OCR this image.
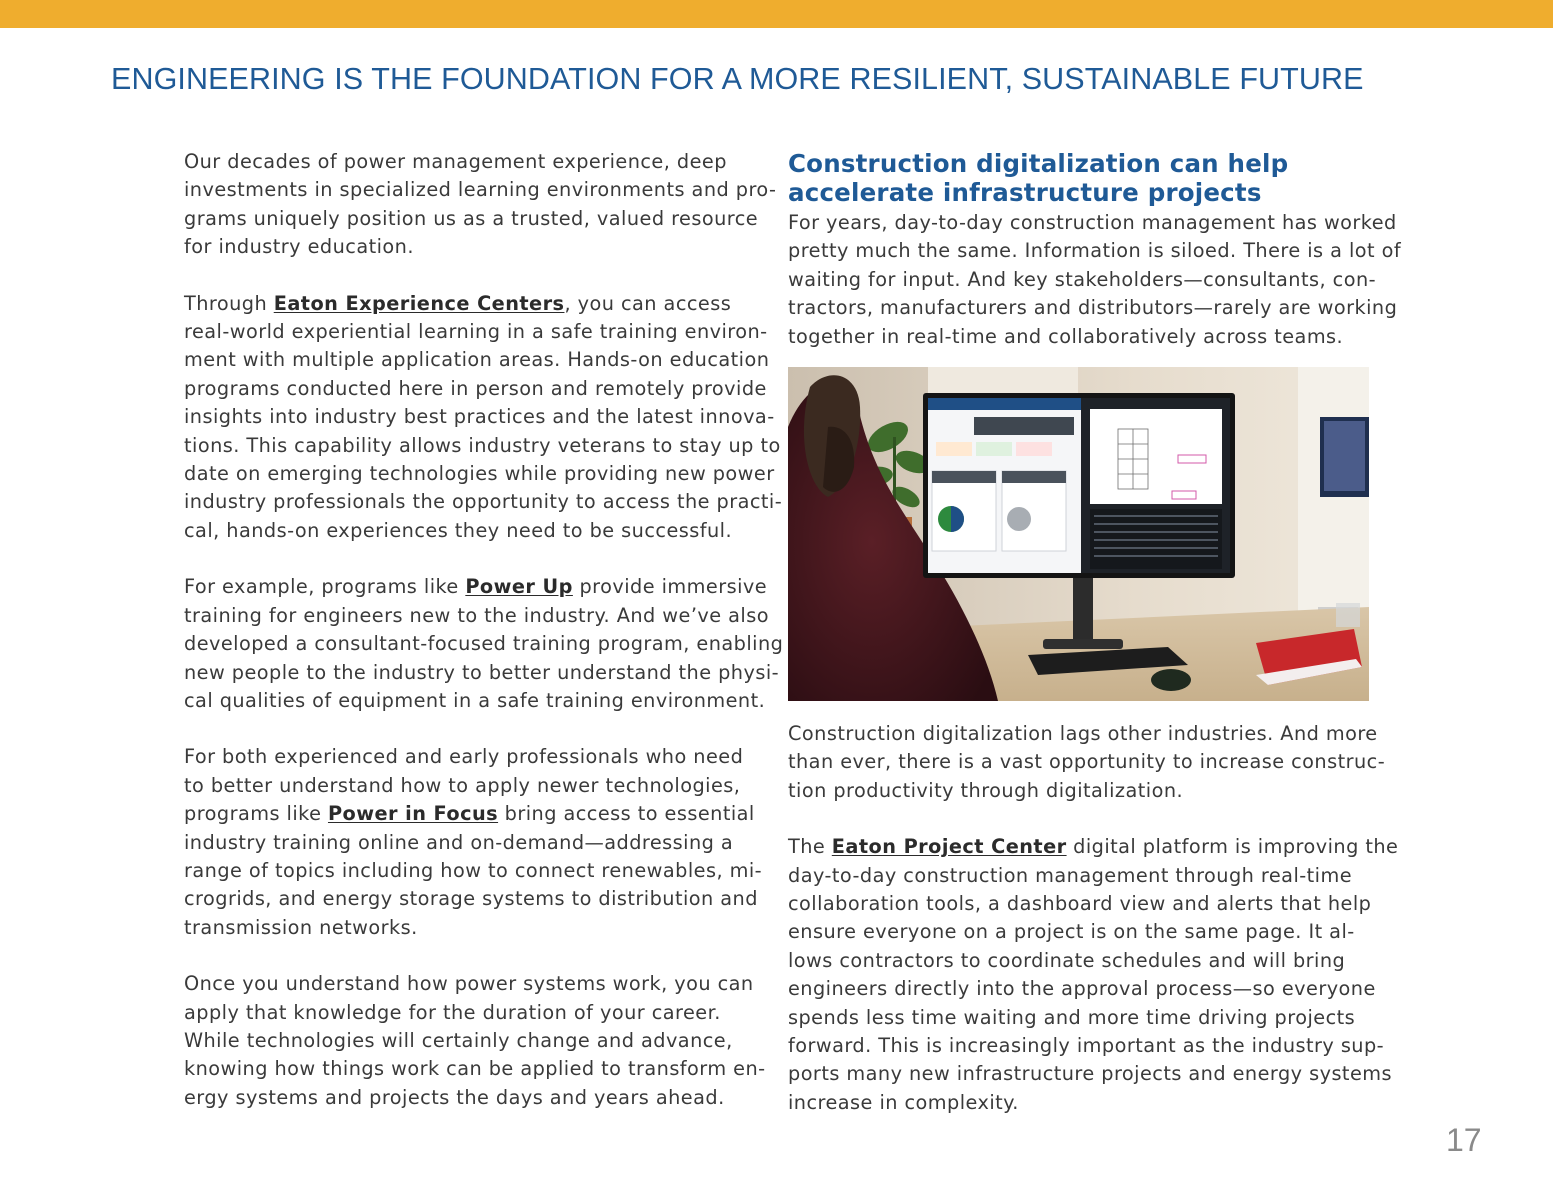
ENGINEERING IS THE FOUNDATION FOR A MORE RESILIENT, SUSTAINABLE FUTURE

Our decades of power management experience, deep
investments in specialized learning environments and pro-
grams uniquely position us as a trusted, valued resource
for industry education.

Through Eaton Experience Centers, you can access
real-world experiential learning in a safe training environ-
ment with multiple application areas. Hands-on education
programs conducted here in person and remotely provide
insights into industry best practices and the latest innova-
tions. This capability allows industry veterans to stay up to
date on emerging technologies while providing new power
industry professionals the opportunity to access the practi-
cal, hands-on experiences they need to be successful.

For example, programs like Power Up provide immersive
training for engineers new to the industry. And we’ve also
developed a consultant-focused training program, enabling
new people to the industry to better understand the physi-
cal qualities of equipment in a safe training environment.

For both experienced and early professionals who need
to better understand how to apply newer technologies,
programs like Power in Focus bring access to essential
industry training online and on-demand—addressing a
range of topics including how to connect renewables, mi-
crogrids, and energy storage systems to distribution and
transmission networks.

Once you understand how power systems work, you can
apply that knowledge for the duration of your career.
While technologies will certainly change and advance,
knowing how things work can be applied to transform en-
ergy systems and projects the days and years ahead.

Construction digitalization can help
accelerate infrastructure projects

For years, day-to-day construction management has worked
pretty much the same. Information is siloed. There is a lot of
waiting for input. And key stakeholders—consultants, con-
tractors, manufacturers and distributors—rarely are working
together in real-time and collaboratively across teams.

Construction digitalization lags other industries. And more
than ever, there is a vast opportunity to increase construc-
tion productivity through digitalization.

The Eaton Project Center digital platform is improving the
day-to-day construction management through real-time
collaboration tools, a dashboard view and alerts that help
ensure everyone on a project is on the same page. It al-
lows contractors to coordinate schedules and will bring
engineers directly into the approval process—so everyone
spends less time waiting and more time driving projects
forward. This is increasingly important as the industry sup-
ports many new infrastructure projects and energy systems
increase in complexity.

17
